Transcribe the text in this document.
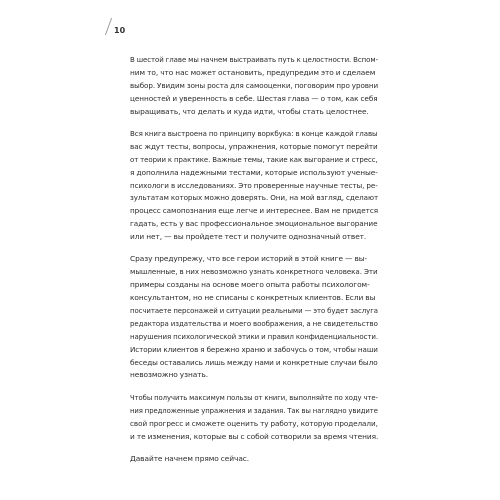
10

В шестой главе мы начнем выстраивать путь к целостности. Вспом-
ним то, что нас может остановить, предупредим это и сделаем
выбор. Увидим зоны роста для самооценки, поговорим про уровни
ценностей и уверенность в себе. Шестая глава — о том, как себя
выращивать, что делать и куда идти, чтобы стать целостнее.

Вся книга выстроена по принципу воркбука: в конце каждой главы
вас ждут тесты, вопросы, упражнения, которые помогут перейти
от теории к практике. Важные темы, такие как выгорание и стресс,
я дополнила надежными тестами, которые используют ученые-
психологи в исследованиях. Это проверенные научные тесты, ре-
зультатам которых можно доверять. Они, на мой взгляд, сделают
процесс самопознания еще легче и интереснее. Вам не придется
гадать, есть у вас профессиональное эмоциональное выгорание
или нет, — вы пройдете тест и получите однозначный ответ.

Сразу предупрежу, что все герои историй в этой книге — вы-
мышленные, в них невозможно узнать конкретного человека. Эти
примеры созданы на основе моего опыта работы психологом-
консультантом, но не списаны с конкретных клиентов. Если вы
посчитаете персонажей и ситуации реальными — это будет заслуга
редактора издательства и моего воображения, а не свидетельство
нарушения психологической этики и правил конфиденциальности.
Истории клиентов я бережно храню и забочусь о том, чтобы наши
беседы оставались лишь между нами и конкретные случаи было
невозможно узнать.

Чтобы получить максимум пользы от книги, выполняйте по ходу чте-
ния предложенные упражнения и задания. Так вы наглядно увидите
свой прогресс и сможете оценить ту работу, которую проделали,
и те изменения, которые вы с собой сотворили за время чтения.

Давайте начнем прямо сейчас.
